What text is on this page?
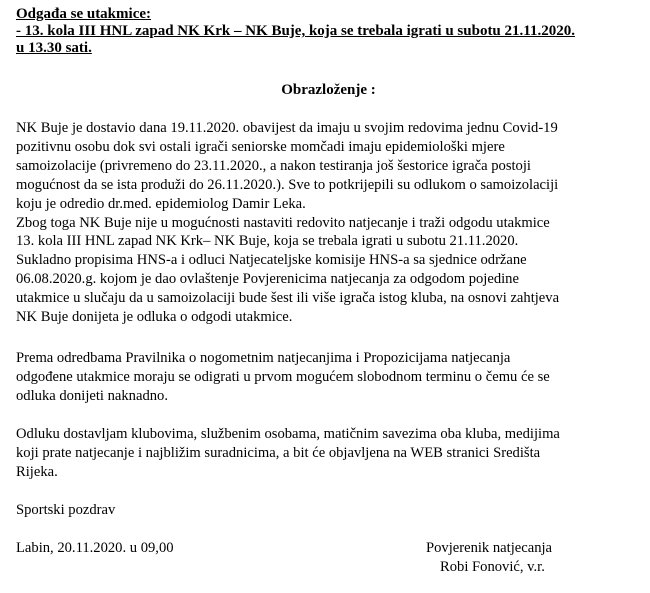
Odgađa se utakmice:

- 13. kola III HNL zapad NK Krk – NK Buje, koja se trebala igrati u subotu 21.11.2020.

u 13.30 sati.

Obrazloženje :

NK Buje je dostavio dana 19.11.2020. obavijest da imaju u svojim redovima jednu Covid-19
pozitivnu osobu dok svi ostali igrači seniorske momčadi imaju epidemiološki mjere
samoizolacije (privremeno do 23.11.2020., a nakon testiranja još šestorice igrača postoji
mogućnost da se ista produži do 26.11.2020.). Sve to potkrijepili su odlukom o samoizolaciji
koju je odredio dr.med. epidemiolog Damir Leka.
Zbog toga NK Buje nije u mogućnosti nastaviti redovito natjecanje i traži odgodu utakmice
13. kola III HNL zapad NK Krk– NK Buje, koja se trebala igrati u subotu 21.11.2020.
Sukladno propisima HNS-a i odluci Natjecateljske komisije HNS-a sa sjednice održane
06.08.2020.g. kojom je dao ovlaštenje Povjerenicima natjecanja za odgodom pojedine
utakmice u slučaju da u samoizolaciji bude šest ili više igrača istog kluba, na osnovi zahtjeva
NK Buje donijeta je odluka o odgodi utakmice.
Prema odredbama Pravilnika o nogometnim natjecanjima i Propozicijama natjecanja
odgođene utakmice moraju se odigrati u prvom mogućem slobodnom terminu o čemu će se
odluka donijeti naknadno.
Odluku dostavljam klubovima, službenim osobama, matičnim savezima oba kluba, medijima
koji prate natjecanje i najbližim suradnicima, a bit će objavljena na WEB stranici Središta
Rijeka.
Sportski pozdrav
Labin, 20.11.2020. u 09,00	Povjerenik natjecanja
Robi Fonović, v.r.
